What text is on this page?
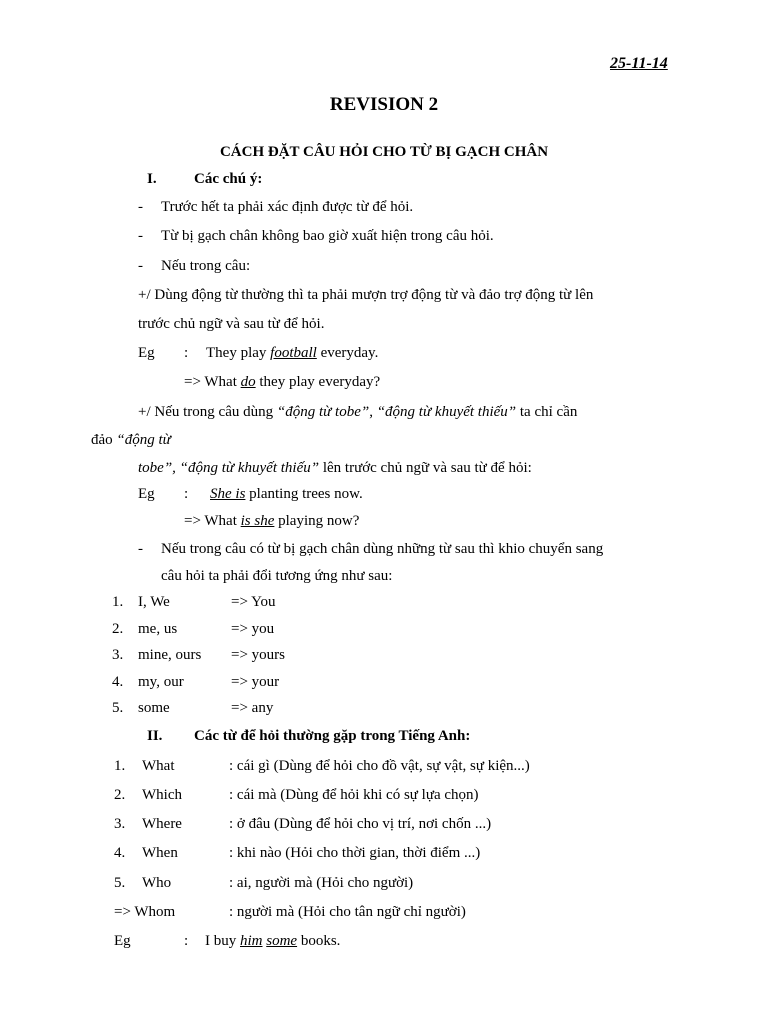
25-11-14
REVISION 2
CÁCH ĐẶT CÂU HỎI CHO TỪ BỊ GẠCH CHÂN
I. Các chú ý:
- Trước hết ta phải xác định được từ để hỏi.
- Từ bị gạch chân không bao giờ xuất hiện trong câu hỏi.
- Nếu trong câu:
+/ Dùng động từ thường thì ta phải mượn trợ động từ và đảo trợ động từ lên
trước chủ ngữ và sau từ để hỏi.
Eg : They play football everyday.
=> What do they play everyday?
+/ Nếu trong câu dùng “động từ tobe”, “động từ khuyết thiếu” ta chỉ cần
đảo “động từ
tobe”, “động từ khuyết thiếu” lên trước chủ ngữ và sau từ để hỏi:
Eg : She is planting trees now.
=> What is she playing now?
- Nếu trong câu có từ bị gạch chân dùng những từ sau thì khio chuyển sang
câu hỏi ta phải đổi tương ứng như sau:
1. I, We	=> You
2. me, us	=> you
3. mine, ours => yours
4. my, our	=> your
5. some	=> any
II. Các từ để hỏi thường gặp trong Tiếng Anh:
1. What	: cái gì (Dùng để hỏi cho đồ vật, sự vật, sự kiện...)
2. Which	: cái mà (Dùng để hỏi khi có sự lựa chọn)
3. Where	: ở đâu (Dùng để hỏi cho vị trí, nơi chốn ...)
4. When	: khi nào (Hỏi cho thời gian, thời điểm ...)
5. Who	: ai, người mà (Hỏi cho người)
=> Whom	: người mà (Hỏi cho tân ngữ chỉ người)
Eg	: I buy him some books.
